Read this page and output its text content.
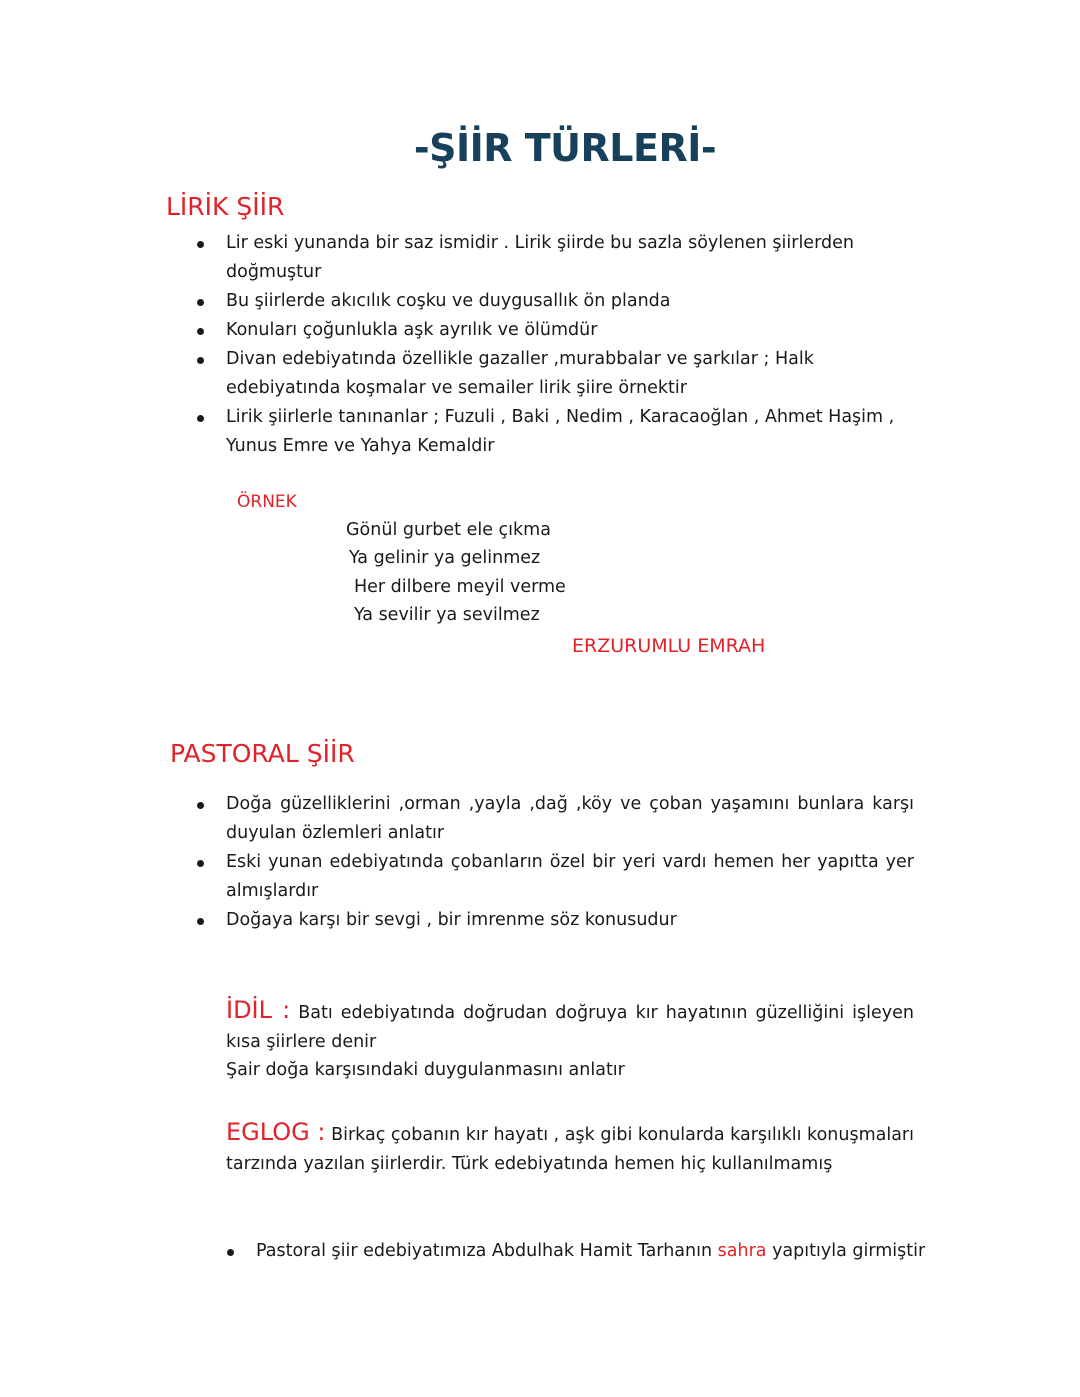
-ŞİİR TÜRLERİ-
LİRİK ŞİİR
Lir eski yunanda bir saz ismidir . Lirik şiirde bu sazla söylenen şiirlerden doğmuştur
Bu şiirlerde akıcılık coşku ve duygusallık ön planda
Konuları çoğunlukla aşk ayrılık ve ölümdür
Divan edebiyatında özellikle gazaller ,murabbalar ve şarkılar ; Halk edebiyatında koşmalar ve semailer lirik şiire örnektir
Lirik şiirlerle tanınanlar ; Fuzuli , Baki , Nedim , Karacaoğlan , Ahmet Haşim , Yunus Emre ve Yahya Kemaldir
ÖRNEK
Gönül gurbet ele çıkma
Ya gelinir ya gelinmez
Her dilbere meyil verme
Ya sevilir ya sevilmez
ERZURUMLU EMRAH
PASTORAL ŞİİR
Doğa güzelliklerini ,orman ,yayla ,dağ ,köy ve çoban yaşamını bunlara karşı duyulan özlemleri anlatır
Eski yunan edebiyatında çobanların özel bir yeri vardı hemen her yapıtta yer almışlardır
Doğaya karşı bir sevgi , bir imrenme söz konusudur
İDİL : Batı edebiyatında doğrudan doğruya kır hayatının güzelliğini işleyen kısa şiirlere denir
Şair doğa karşısındaki duygulanmasını anlatır
EGLOG : Birkaç çobanın kır hayatı , aşk gibi konularda karşılıklı konuşmaları tarzında yazılan şiirlerdir. Türk edebiyatında hemen hiç kullanılmamış
Pastoral şiir edebiyatımıza Abdulhak Hamit Tarhanın sahra yapıtıyla girmiştir
